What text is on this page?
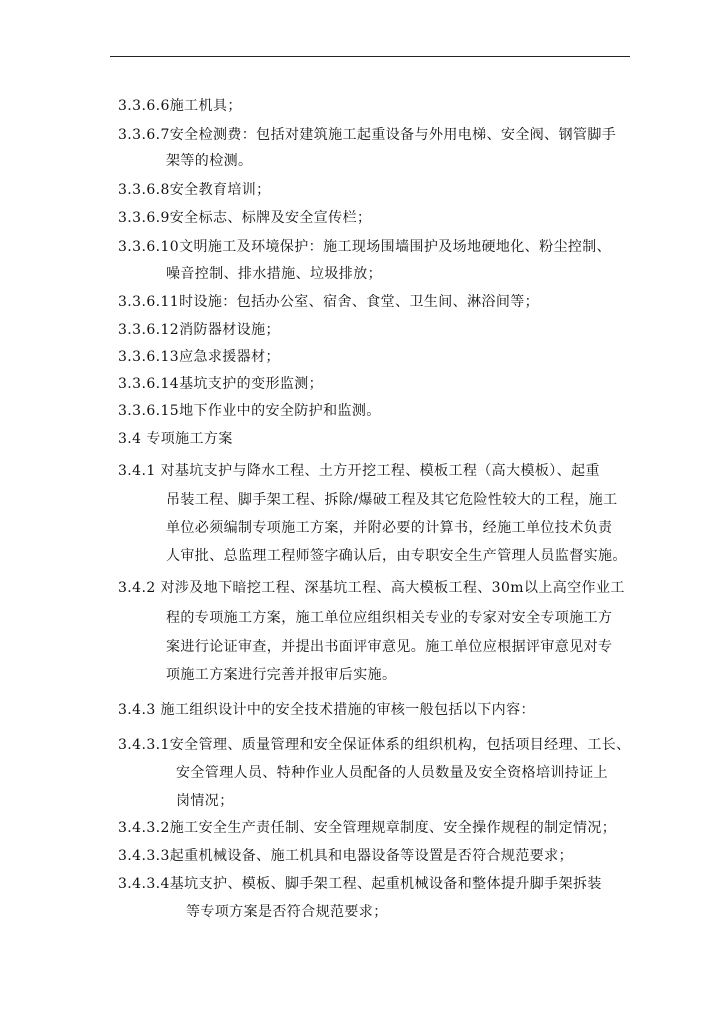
3.3.6.6施工机具；
3.3.6.7安全检测费：包括对建筑施工起重设备与外用电梯、安全阀、钢管脚手
架等的检测。
3.3.6.8安全教育培训；
3.3.6.9安全标志、标牌及安全宣传栏；
3.3.6.10文明施工及环境保护：施工现场围墙围护及场地硬地化、粉尘控制、
噪音控制、排水措施、垃圾排放；
3.3.6.11时设施：包括办公室、宿舍、食堂、卫生间、淋浴间等；
3.3.6.12消防器材设施；
3.3.6.13应急求援器材；
3.3.6.14基坑支护的变形监测；
3.3.6.15地下作业中的安全防护和监测。
3.4 专项施工方案
3.4.1 对基坑支护与降水工程、土方开挖工程、模板工程（高大模板）、起重
吊装工程、脚手架工程、拆除/爆破工程及其它危险性较大的工程，施工
单位必须编制专项施工方案，并附必要的计算书，经施工单位技术负责
人审批、总监理工程师签字确认后，由专职安全生产管理人员监督实施。
3.4.2 对涉及地下暗挖工程、深基坑工程、高大模板工程、30m以上高空作业工
程的专项施工方案，施工单位应组织相关专业的专家对安全专项施工方
案进行论证审查，并提出书面评审意见。施工单位应根据评审意见对专
项施工方案进行完善并报审后实施。
3.4.3 施工组织设计中的安全技术措施的审核一般包括以下内容：
3.4.3.1安全管理、质量管理和安全保证体系的组织机构，包括项目经理、工长、
安全管理人员、特种作业人员配备的人员数量及安全资格培训持证上
岗情况；
3.4.3.2施工安全生产责任制、安全管理规章制度、安全操作规程的制定情况；
3.4.3.3起重机械设备、施工机具和电器设备等设置是否符合规范要求；
3.4.3.4基坑支护、模板、脚手架工程、起重机械设备和整体提升脚手架拆装
等专项方案是否符合规范要求；
